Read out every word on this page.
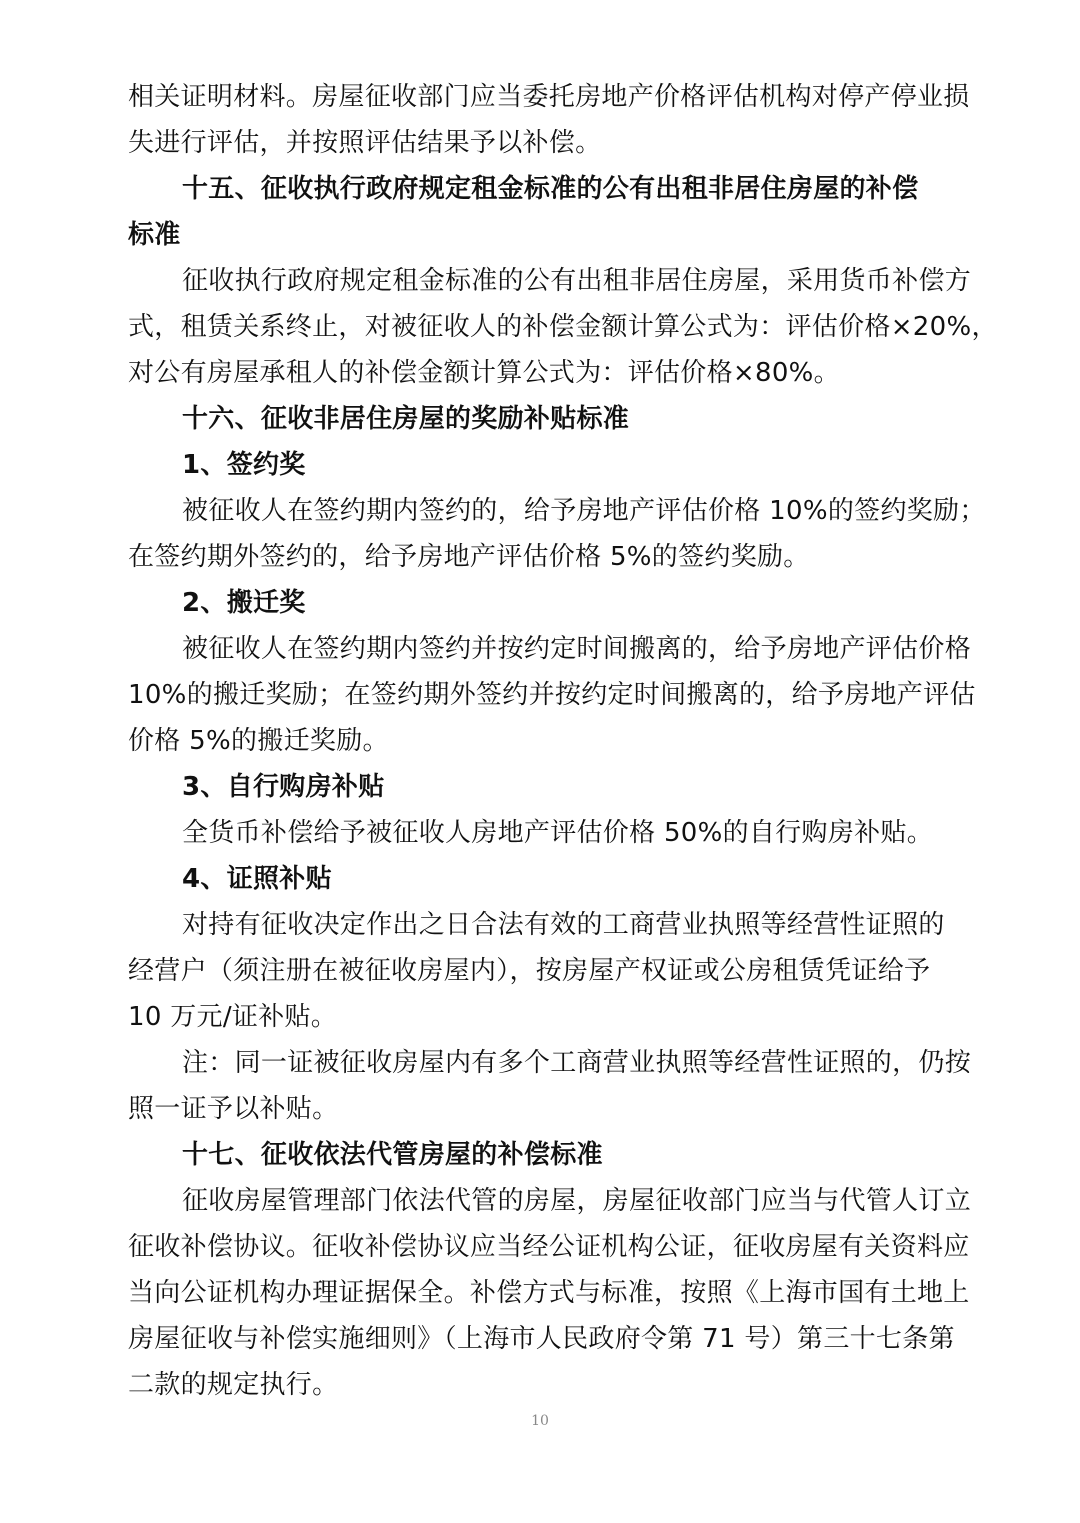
相关证明材料。房屋征收部门应当委托房地产价格评估机构对停产停业损
失进行评估，并按照评估结果予以补偿。
十五、征收执行政府规定租金标准的公有出租非居住房屋的补偿
标准
征收执行政府规定租金标准的公有出租非居住房屋，采用货币补偿方
式，租赁关系终止，对被征收人的补偿金额计算公式为：评估价格×20%，
对公有房屋承租人的补偿金额计算公式为：评估价格×80%。
十六、征收非居住房屋的奖励补贴标准
1、签约奖
被征收人在签约期内签约的，给予房地产评估价格 10%的签约奖励；
在签约期外签约的，给予房地产评估价格 5%的签约奖励。
2、搬迁奖
被征收人在签约期内签约并按约定时间搬离的，给予房地产评估价格
10%的搬迁奖励；在签约期外签约并按约定时间搬离的，给予房地产评估
价格 5%的搬迁奖励。
3、自行购房补贴
全货币补偿给予被征收人房地产评估价格 50%的自行购房补贴。
4、证照补贴
对持有征收决定作出之日合法有效的工商营业执照等经营性证照的
经营户（须注册在被征收房屋内），按房屋产权证或公房租赁凭证给予
10 万元/证补贴。
注：同一证被征收房屋内有多个工商营业执照等经营性证照的，仍按
照一证予以补贴。
十七、征收依法代管房屋的补偿标准
征收房屋管理部门依法代管的房屋，房屋征收部门应当与代管人订立
征收补偿协议。征收补偿协议应当经公证机构公证，征收房屋有关资料应
当向公证机构办理证据保全。补偿方式与标准，按照《上海市国有土地上
房屋征收与补偿实施细则》（上海市人民政府令第 71 号）第三十七条第
二款的规定执行。
10
